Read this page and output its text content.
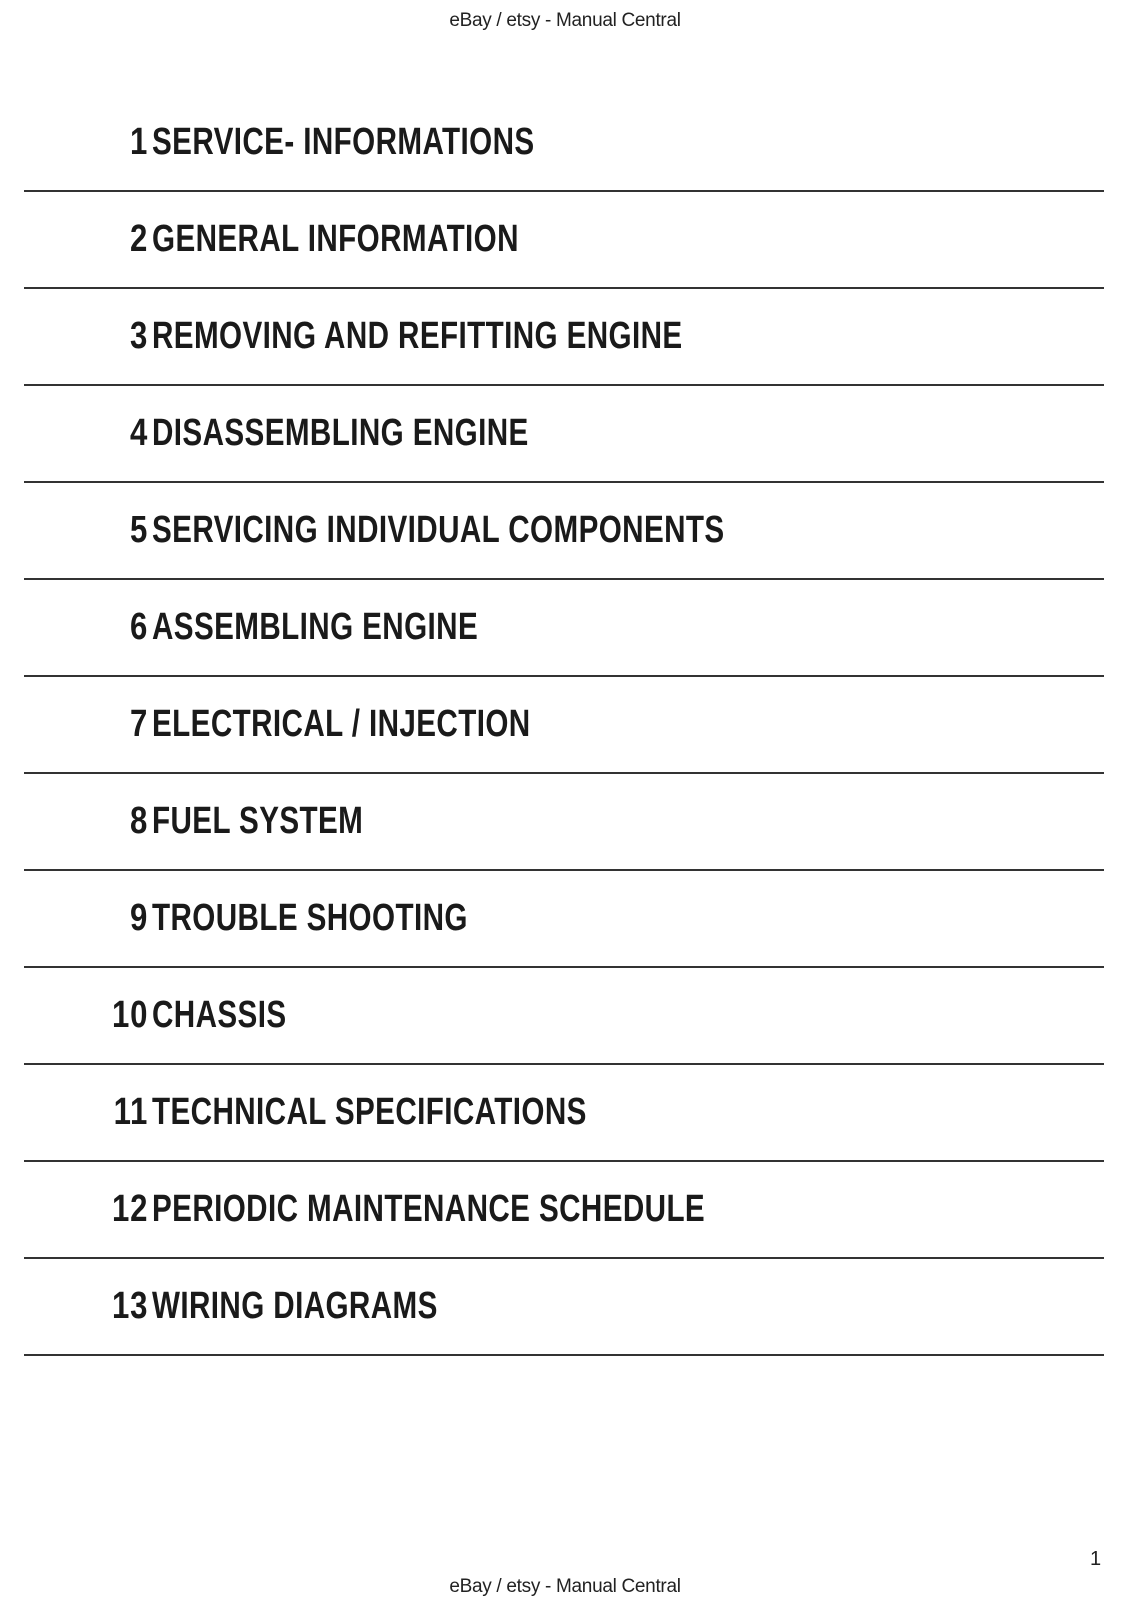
eBay / etsy - Manual Central
1 SERVICE- INFORMATIONS
2 GENERAL INFORMATION
3 REMOVING AND REFITTING ENGINE
4 DISASSEMBLING ENGINE
5 SERVICING INDIVIDUAL COMPONENTS
6 ASSEMBLING ENGINE
7 ELECTRICAL / INJECTION
8 FUEL SYSTEM
9 TROUBLE SHOOTING
10 CHASSIS
11 TECHNICAL SPECIFICATIONS
12 PERIODIC MAINTENANCE SCHEDULE
13 WIRING DIAGRAMS
1
eBay / etsy - Manual Central
